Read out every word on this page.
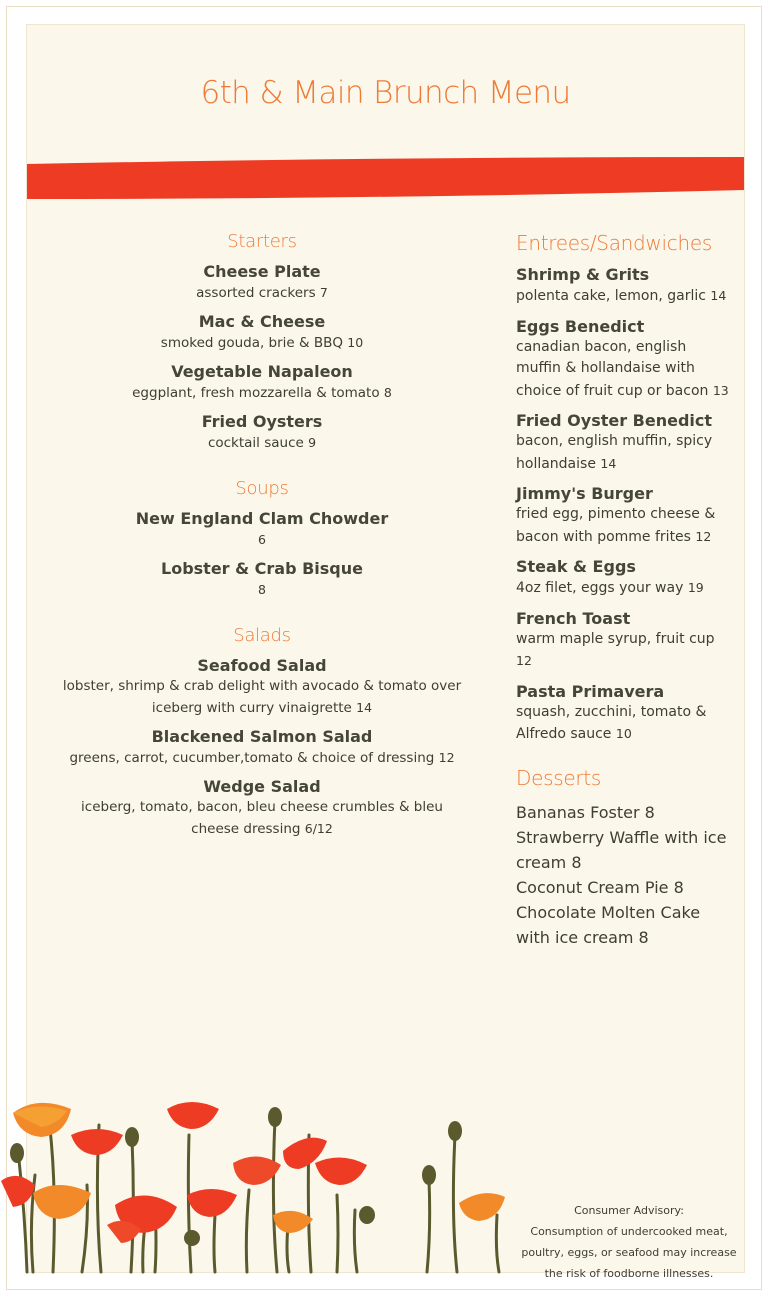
6th & Main Brunch Menu
Starters
Cheese Plate
assorted crackers 7
Mac & Cheese
smoked gouda, brie & BBQ 10
Vegetable Napaleon
eggplant, fresh mozzarella & tomato 8
Fried Oysters
cocktail sauce 9
Soups
New England Clam Chowder
6
Lobster & Crab Bisque
8
Salads
Seafood Salad
lobster, shrimp & crab delight with avocado & tomato over iceberg with curry vinaigrette 14
Blackened Salmon Salad
greens, carrot, cucumber,tomato & choice of dressing 12
Wedge Salad
iceberg, tomato, bacon, bleu cheese crumbles & bleu cheese dressing 6/12
Entrees/Sandwiches
Shrimp & Grits
polenta cake, lemon, garlic 14
Eggs Benedict
canadian bacon, english muffin & hollandaise with choice of fruit cup or bacon 13
Fried Oyster Benedict
bacon, english muffin, spicy hollandaise 14
Jimmy's Burger
fried egg, pimento cheese & bacon with pomme frites 12
Steak & Eggs
4oz filet, eggs your way 19
French Toast
warm maple syrup, fruit cup 12
Pasta Primavera
squash, zucchini, tomato & Alfredo sauce 10
Desserts
Bananas Foster 8
Strawberry Waffle with ice cream 8
Coconut Cream Pie 8
Chocolate Molten Cake with ice cream 8
Consumer Advisory:
Consumption of undercooked meat,
poultry, eggs, or seafood may increase
the risk of foodborne illnesses.
